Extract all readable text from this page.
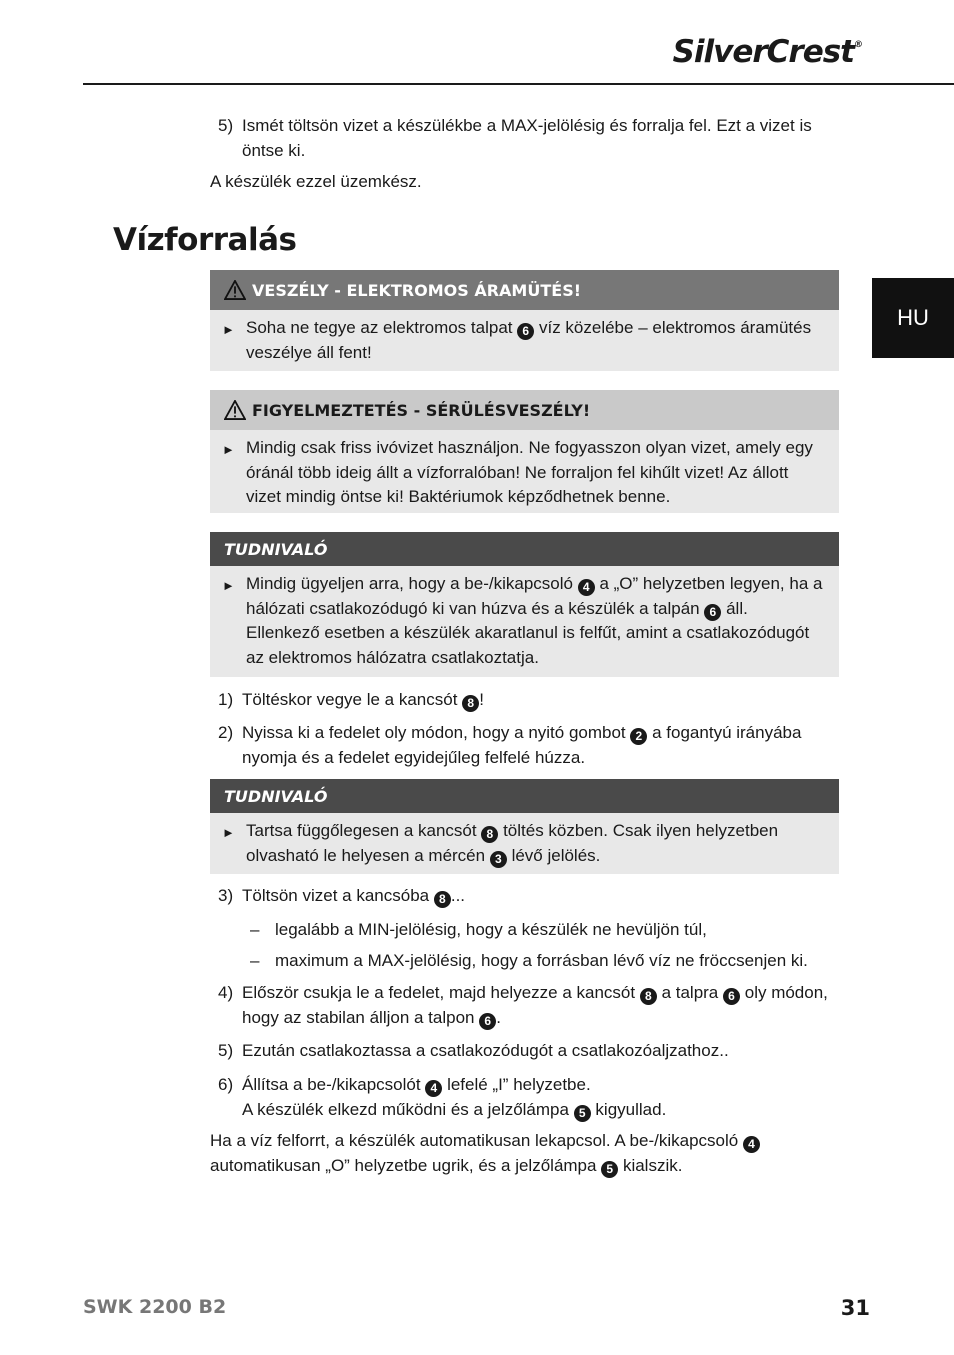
SilverCrest®
HU
5) Ismét töltsön vizet a készülékbe a MAX-jelölésig és forralja fel. Ezt a vizet is öntse ki.
A készülék ezzel üzemkész.
Vízforralás
VESZÉLY - ELEKTROMOS ÁRAMÜTÉS!
► Soha ne tegye az elektromos talpat 6 víz közelébe – elektromos áramütés veszélye áll fent!
FIGYELMEZTETÉS - SÉRÜLÉSVESZÉLY!
► Mindig csak friss ivóvizet használjon. Ne fogyasszon olyan vizet, amely egy óránál több ideig állt a vízforralóban! Ne forraljon fel kihűlt vizet! Az állott vizet mindig öntse ki! Baktériumok képződhetnek benne.
TUDNIVALÓ
► Mindig ügyeljen arra, hogy a be-/kikapcsoló 4 a „O” helyzetben legyen, ha a hálózati csatlakozódugó ki van húzva és a készülék a talpán 6 áll. Ellenkező esetben a készülék akaratlanul is felfűt, amint a csatlakozódugót az elektromos hálózatra csatlakoztatja.
1) Töltéskor vegye le a kancsót 8 !
2) Nyissa ki a fedelet oly módon, hogy a nyitó gombot 2 a fogantyú irányába nyomja és a fedelet egyidejűleg felfelé húzza.
TUDNIVALÓ
► Tartsa függőlegesen a kancsót 8 töltés közben. Csak ilyen helyzetben olvasható le helyesen a mércén 3 lévő jelölés.
3) Töltsön vizet a kancsóba 8 ...
– legalább a MIN-jelölésig, hogy a készülék ne hevüljön túl,
– maximum a MAX-jelölésig, hogy a forrásban lévő víz ne fröccsenjen ki.
4) Először csukja le a fedelet, majd helyezze a kancsót 8 a talpra 6 oly módon, hogy az stabilan álljon a talpon 6 .
5) Ezután csatlakoztassa a csatlakozódugót a csatlakozóaljzathoz..
6) Állítsa a be-/kikapcsolót 4 lefelé „I” helyzetbe.
A készülék elkezd működni és a jelzőlámpa 5 kigyullad.
Ha a víz felforrt, a készülék automatikusan lekapcsol. A be-/kikapcsoló 4 automatikusan „O” helyzetbe ugrik, és a jelzőlámpa 5 kialszik.
SWK 2200 B2	31
